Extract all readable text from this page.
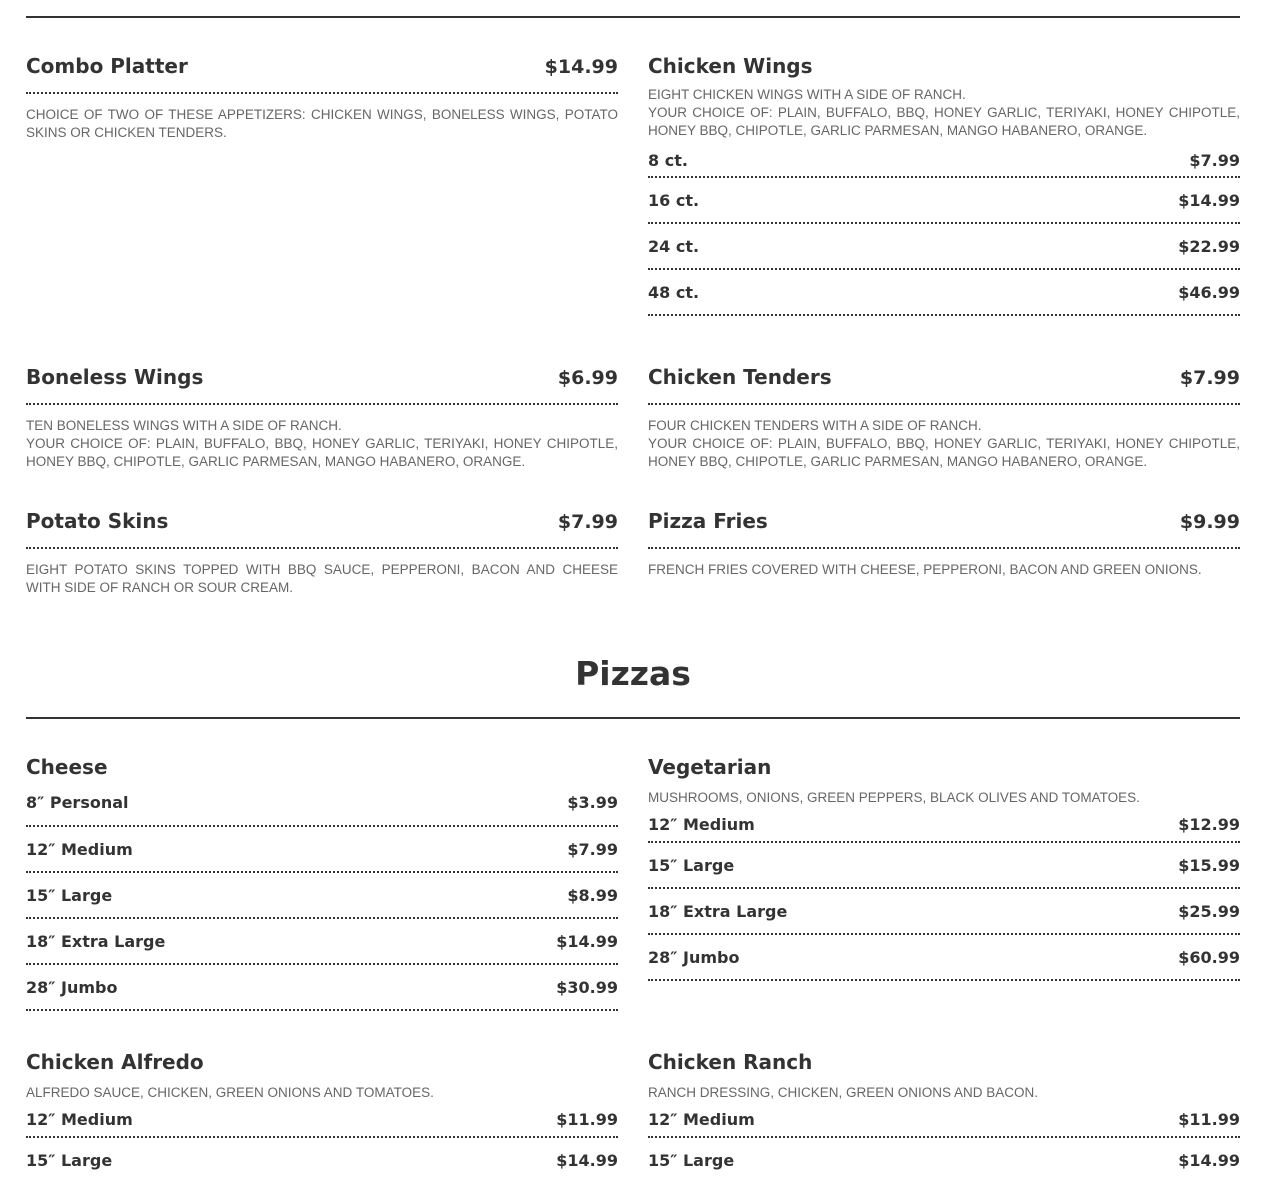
Combo Platter	$14.99

CHOICE OF TWO OF THESE APPETIZERS: CHICKEN WINGS, BONELESS WINGS, POTATO SKINS OR CHICKEN TENDERS.

Chicken Wings

EIGHT CHICKEN WINGS WITH A SIDE OF RANCH.

YOUR CHOICE OF: PLAIN, BUFFALO, BBQ, HONEY GARLIC, TERIYAKI, HONEY CHIPOTLE, HONEY BBQ, CHIPOTLE, GARLIC PARMESAN, MANGO HABANERO, ORANGE.

8 ct.	$7.99
16 ct.	$14.99
24 ct.	$22.99
48 ct.	$46.99
Boneless Wings	$6.99

TEN BONELESS WINGS WITH A SIDE OF RANCH.

YOUR CHOICE OF: PLAIN, BUFFALO, BBQ, HONEY GARLIC, TERIYAKI, HONEY CHIPOTLE, HONEY BBQ, CHIPOTLE, GARLIC PARMESAN, MANGO HABANERO, ORANGE.

Chicken Tenders	$7.99

FOUR CHICKEN TENDERS WITH A SIDE OF RANCH.

YOUR CHOICE OF: PLAIN, BUFFALO, BBQ, HONEY GARLIC, TERIYAKI, HONEY CHIPOTLE, HONEY BBQ, CHIPOTLE, GARLIC PARMESAN, MANGO HABANERO, ORANGE.

Potato Skins	$7.99

EIGHT POTATO SKINS TOPPED WITH BBQ SAUCE, PEPPERONI, BACON AND CHEESE WITH SIDE OF RANCH OR SOUR CREAM.

Pizza Fries	$9.99

FRENCH FRIES COVERED WITH CHEESE, PEPPERONI, BACON AND GREEN ONIONS.

Pizzas
Cheese
8″ Personal	$3.99
12″ Medium	$7.99
15″ Large	$8.99
18″ Extra Large	$14.99
28″ Jumbo	$30.99
Vegetarian
MUSHROOMS, ONIONS, GREEN PEPPERS, BLACK OLIVES AND TOMATOES.
12″ Medium	$12.99
15″ Large	$15.99
18″ Extra Large	$25.99
28″ Jumbo	$60.99
Chicken Alfredo
ALFREDO SAUCE, CHICKEN, GREEN ONIONS AND TOMATOES.
12″ Medium	$11.99
15″ Large	$14.99
Chicken Ranch
RANCH DRESSING, CHICKEN, GREEN ONIONS AND BACON.
12″ Medium	$11.99
15″ Large	$14.99
